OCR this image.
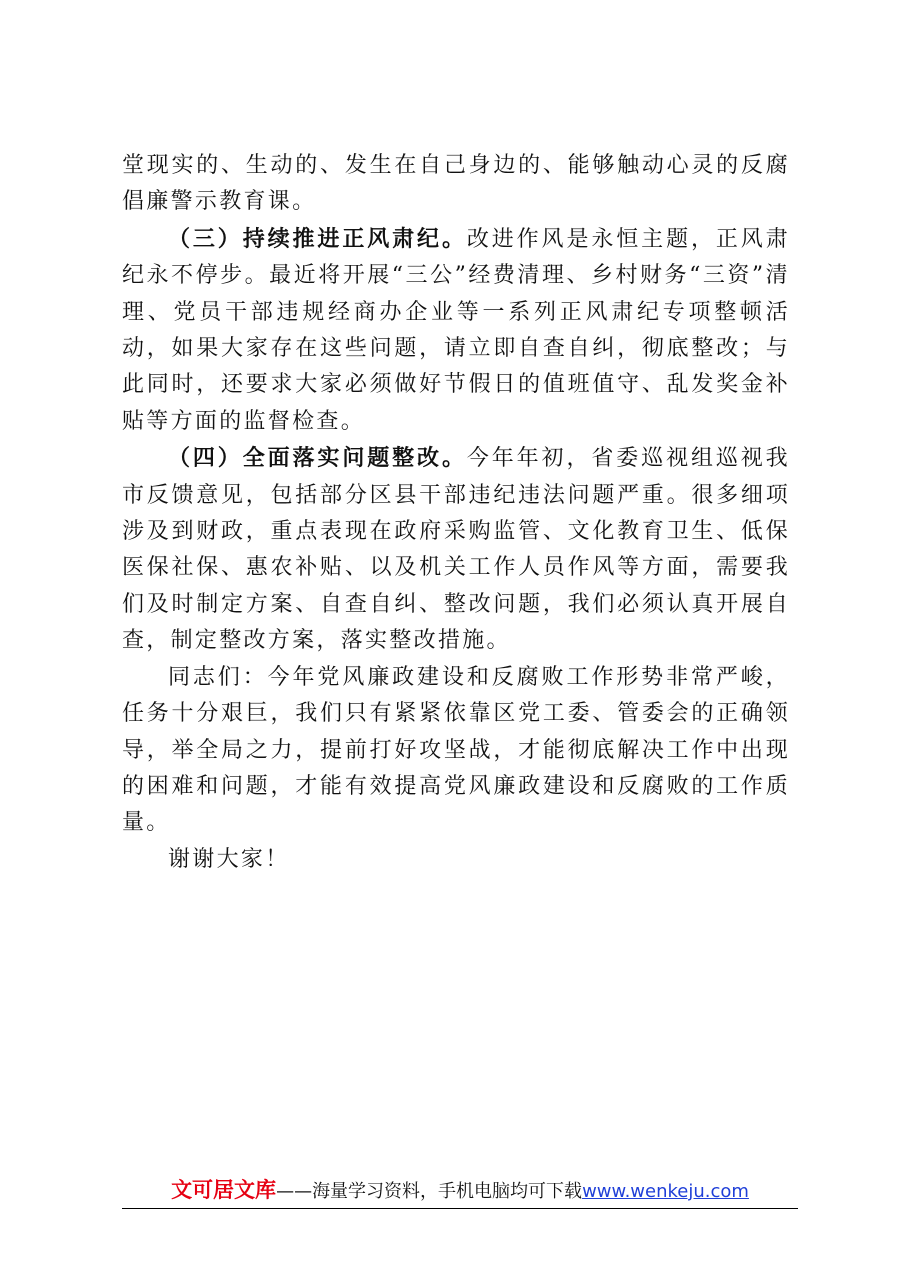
堂现实的、生动的、发生在自己身边的、能够触动心灵的反腐倡廉警示教育课。

（三）持续推进正风肃纪。改进作风是永恒主题，正风肃纪永不停步。最近将开展“三公”经费清理、乡村财务“三资”清理、党员干部违规经商办企业等一系列正风肃纪专项整顿活动，如果大家存在这些问题，请立即自查自纠，彻底整改；与此同时，还要求大家必须做好节假日的值班值守、乱发奖金补贴等方面的监督检查。

（四）全面落实问题整改。今年年初，省委巡视组巡视我市反馈意见，包括部分区县干部违纪违法问题严重。很多细项涉及到财政，重点表现在政府采购监管、文化教育卫生、低保医保社保、惠农补贴、以及机关工作人员作风等方面，需要我们及时制定方案、自查自纠、整改问题，我们必须认真开展自查，制定整改方案，落实整改措施。

同志们：今年党风廉政建设和反腐败工作形势非常严峻，任务十分艰巨，我们只有紧紧依靠区党工委、管委会的正确领导，举全局之力，提前打好攻坚战，才能彻底解决工作中出现的困难和问题，才能有效提高党风廉政建设和反腐败的工作质量。

谢谢大家！

文可居文库——海量学习资料，手机电脑均可下载www.wenkeju.com
